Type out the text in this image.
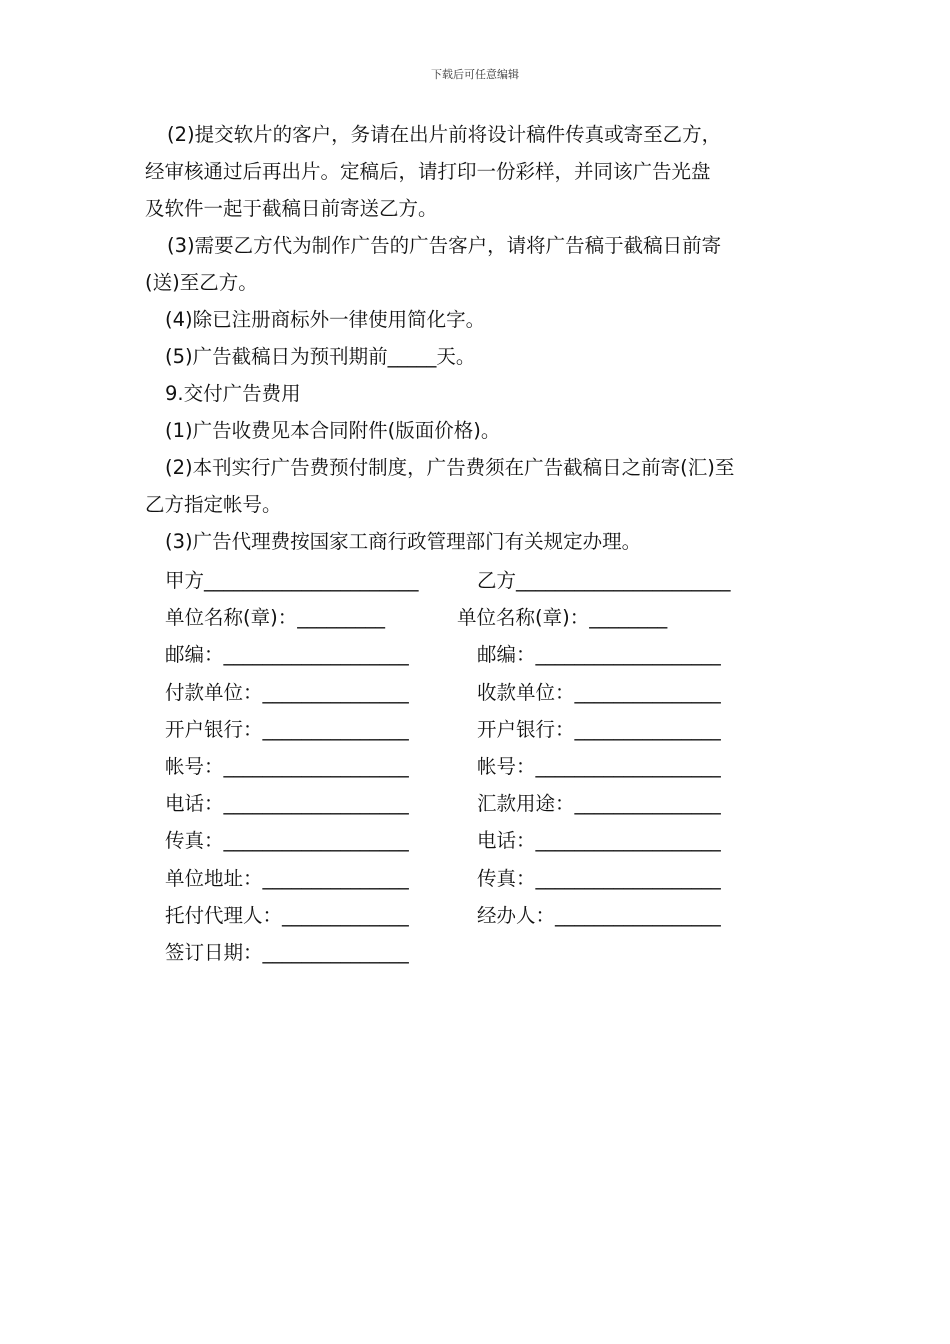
下载后可任意编辑

(2)提交软片的客户，务请在出片前将设计稿件传真或寄至乙方，
经审核通过后再出片。定稿后，请打印一份彩样，并同该广告光盘
及软件一起于截稿日前寄送乙方。

(3)需要乙方代为制作广告的广告客户，请将广告稿于截稿日前寄
(送)至乙方。

(4)除已注册商标外一律使用简化字。

(5)广告截稿日为预刊期前_____天。

9.交付广告费用

(1)广告收费见本合同附件(版面价格)。

(2)本刊实行广告费预付制度，广告费须在广告截稿日之前寄(汇)至
乙方指定帐号。

(3)广告代理费按国家工商行政管理部门有关规定办理。

甲方______________________	乙方______________________
单位名称(章)：_________	单位名称(章)：________
邮编：___________________	邮编：___________________
付款单位：_______________	收款单位：_______________
开户银行：_______________	开户银行：_______________
帐号：___________________	帐号：___________________
电话：___________________	汇款用途：_______________
传真：___________________	电话：___________________
单位地址：_______________	传真：___________________
托付代理人：_____________	经办人：_________________
签订日期：_______________
